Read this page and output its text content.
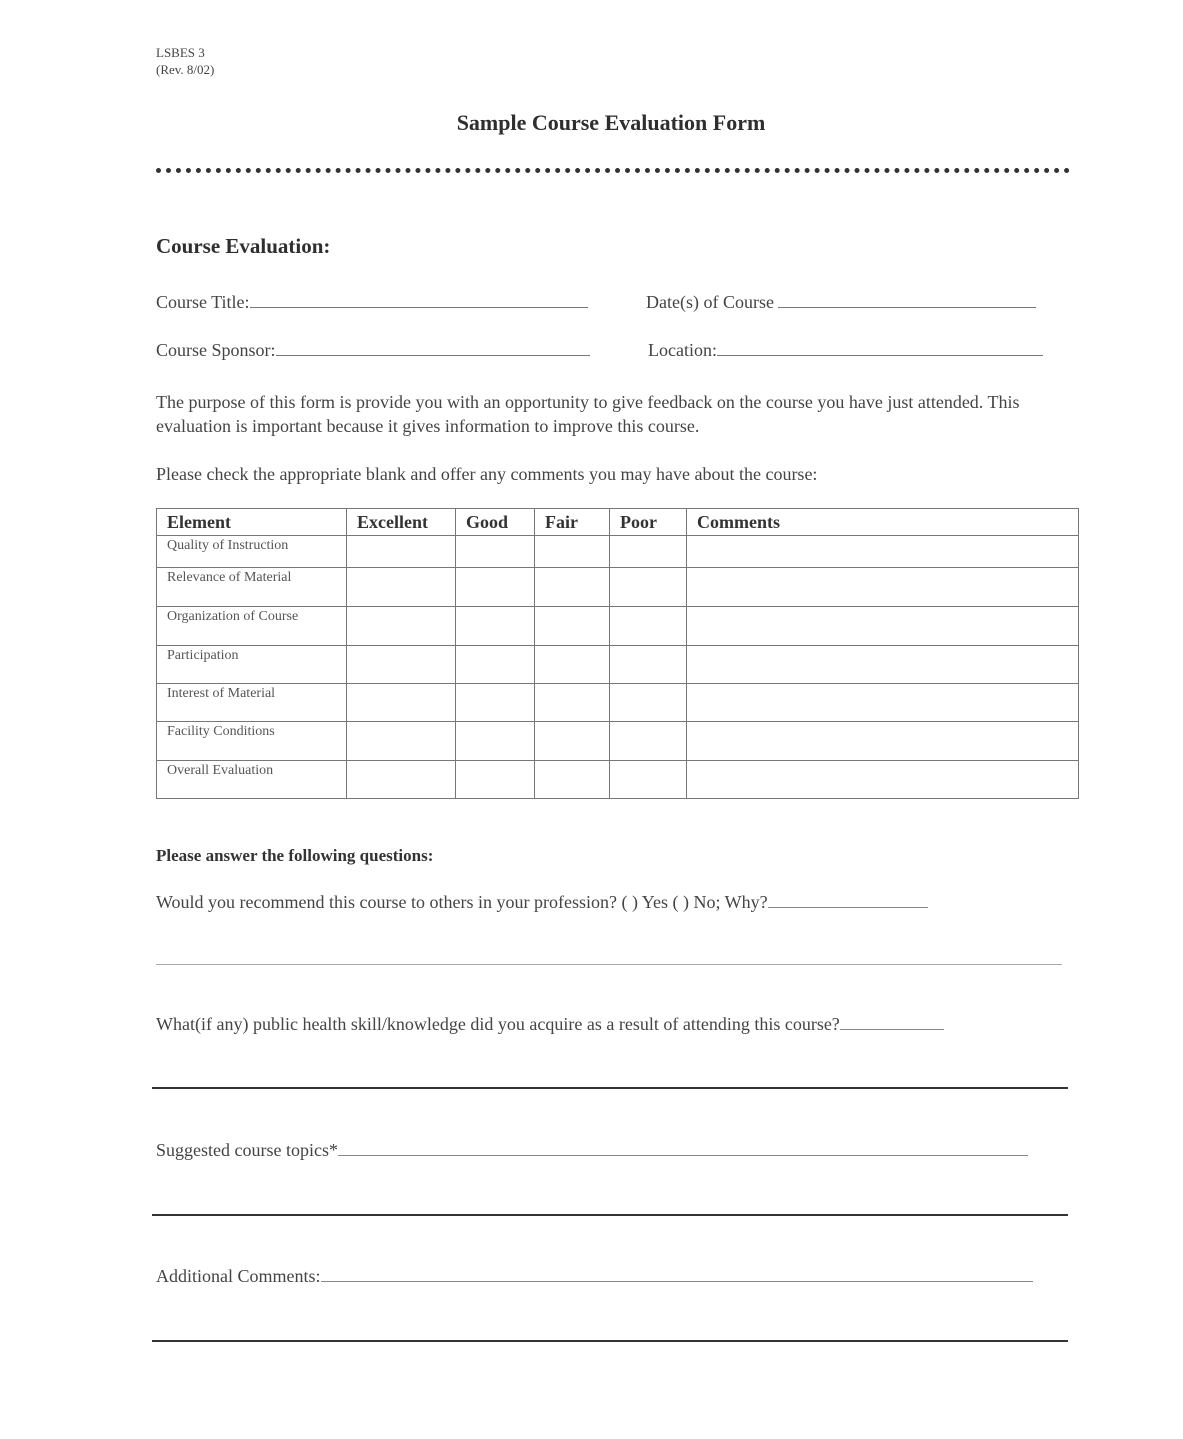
LSBES 3
(Rev. 8/02)
Sample Course Evaluation Form
Course Evaluation:
Course Title:	Date(s) of Course
Course Sponsor:	Location:
The purpose of this form is provide you with an opportunity to give feedback on the course you have just attended. This evaluation is important because it gives information to improve this course.
Please check the appropriate blank and offer any comments you may have about the course:
Element	Excellent	Good	Fair	Poor	Comments
Quality of Instruction					
Relevance of Material					
Organization of Course					
Participation					
Interest of Material					
Facility Conditions					
Overall Evaluation					
Please answer the following questions:
Would you recommend this course to others in your profession? ( ) Yes ( ) No; Why?
What(if any) public health skill/knowledge did you acquire as a result of attending this course?
Suggested course topics*
Additional Comments:
